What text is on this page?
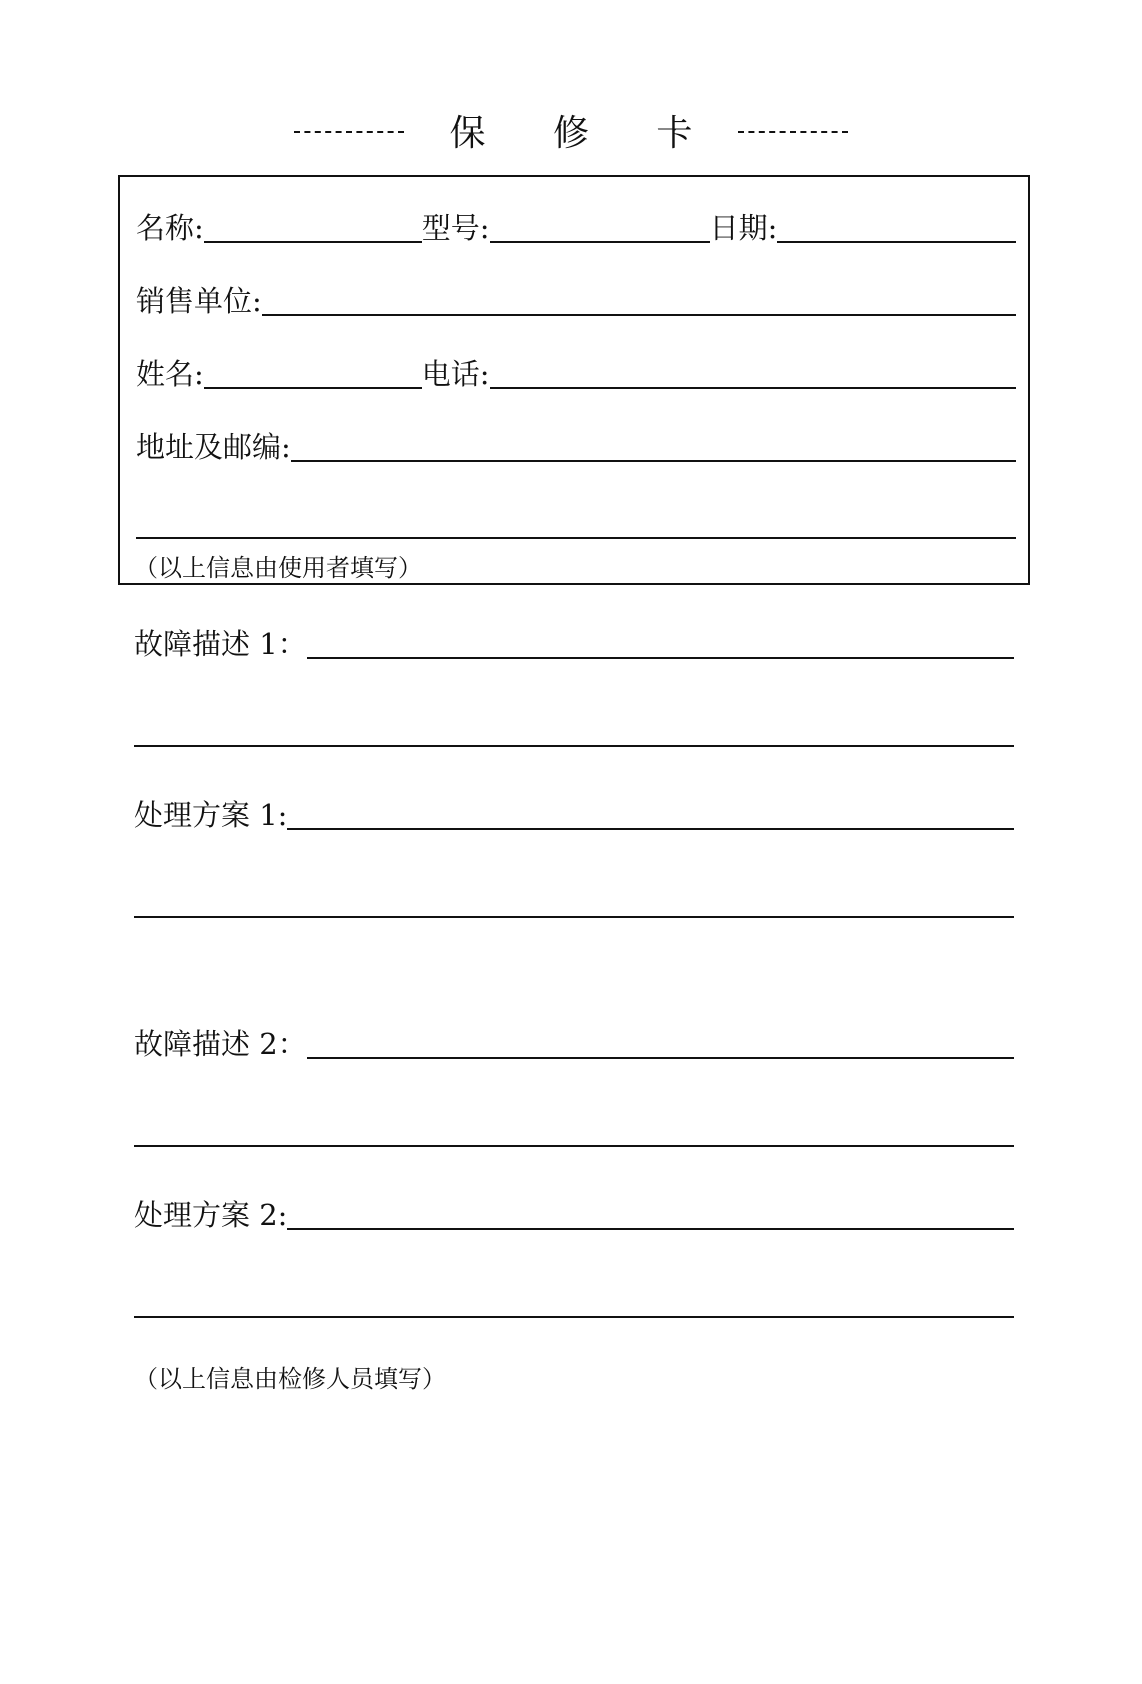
保 修 卡
名称:	型号:	日期:
销售单位:
姓名:	电话:
地址及邮编:
（以上信息由使用者填写）
故障描述 1：
处理方案 1:
故障描述 2：
处理方案 2:
（以上信息由检修人员填写）
